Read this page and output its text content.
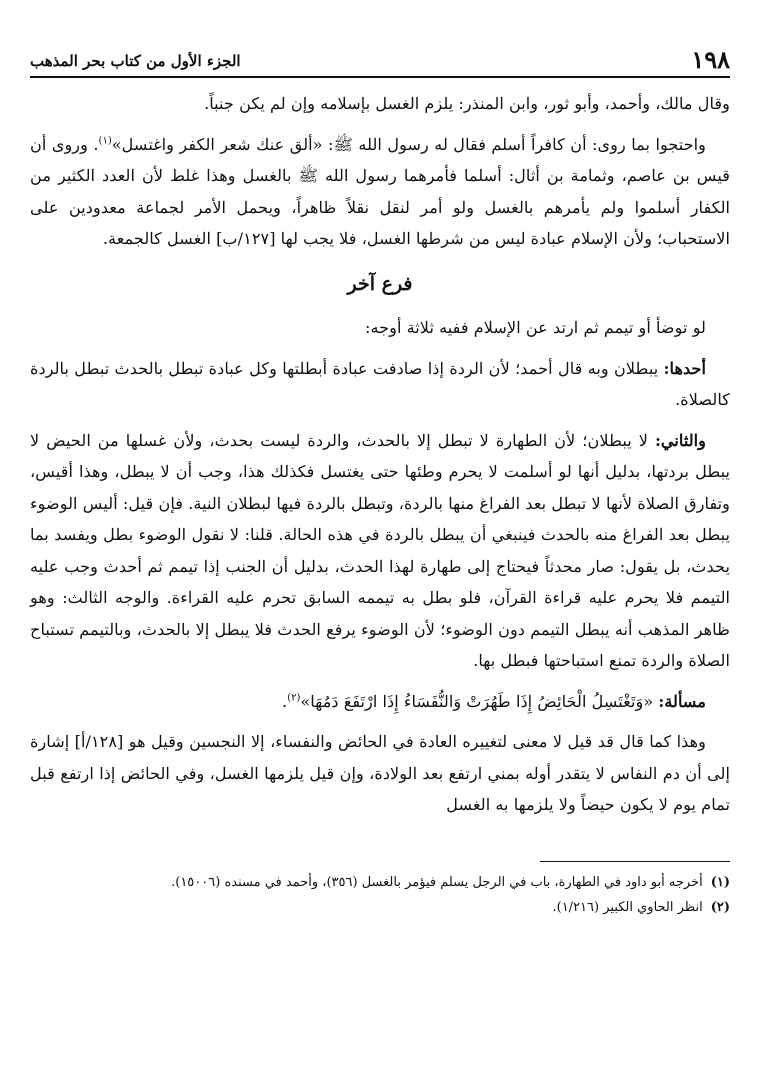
١٩٨
الجزء الأول من كتاب بحر المذهب

وقال مالك، وأحمد، وأبو ثور، وابن المنذر: يلزم الغسل بإسلامه وإن لم يكن جنباً.

واحتجوا بما روى: أن كافراً أسلم فقال له رسول الله ﷺ: «ألق عنك شعر الكفر واغتسل»$^{(١)}$. وروى أن قيس بن عاصم، وثمامة بن أثال: أسلما فأمرهما رسول الله ﷺ بالغسل وهذا غلط لأن العدد الكثير من الكفار أسلموا ولم يأمرهم بالغسل ولو أمر لنقل نقلاً ظاهراً، ويحمل الأمر لجماعة معدودين على الاستحباب؛ ولأن الإسلام عبادة ليس من شرطها الغسل، فلا يجب لها [١٢٧/ب] الغسل كالجمعة.

فرع آخر

لو توضأ أو تيمم ثم ارتد عن الإسلام ففيه ثلاثة أوجه:

أحدها: يبطلان وبه قال أحمد؛ لأن الردة إذا صادفت عبادة أبطلتها وكل عبادة تبطل بالحدث تبطل بالردة كالصلاة.

والثاني: لا يبطلان؛ لأن الطهارة لا تبطل إلا بالحدث، والردة ليست بحدث، ولأن غسلها من الحيض لا يبطل بردتها، بدليل أنها لو أسلمت لا يحرم وطئها حتى يغتسل فكذلك هذا، وجب أن لا يبطل، وهذا أقيس، وتفارق الصلاة لأنها لا تبطل بعد الفراغ منها بالردة، وتبطل بالردة فيها لبطلان النية. فإن قيل: أليس الوضوء يبطل بعد الفراغ منه بالحدث فينبغي أن يبطل بالردة في هذه الحالة. قلنا: لا نقول الوضوء بطل ويفسد بما يحدث، بل يقول: صار محدثاً فيحتاج إلى طهارة لهذا الحدث، بدليل أن الجنب إذا تيمم ثم أحدث وجب عليه التيمم فلا يحرم عليه قراءة القرآن، فلو بطل به تيممه السابق تحرم عليه القراءة. والوجه الثالث: وهو ظاهر المذهب أنه يبطل التيمم دون الوضوء؛ لأن الوضوء يرفع الحدث فلا يبطل إلا بالحدث، وبالتيمم تستباح الصلاة والردة تمنع استباحتها فبطل بها.

مسألة: «وَتَغْتَسِلُ الْحَائِضُ إِذَا طَهُرَتْ وَالنُّفَسَاءُ إِذَا ارْتَفَعَ دَمُهَا»$^{(٢)}$.

وهذا كما قال قد قيل لا معنى لتغييره العادة في الحائض والنفساء، إلا النجسين وقيل هو [١٢٨/أ] إشارة إلى أن دم النفاس لا يتقدر أوله بمني ارتفع بعد الولادة، وإن قيل يلزمها الغسل، وفي الحائض إذا ارتفع قبل تمام يوم لا يكون حيضاً ولا يلزمها به الغسل

(١)أخرجه أبو داود في الطهارة، باب في الرجل يسلم فيؤمر بالغسل (٣٥٦)، وأحمد في مسنده (١٥٠٠٦).
(٢)انظر الحاوي الكبير (١/٢١٦).
